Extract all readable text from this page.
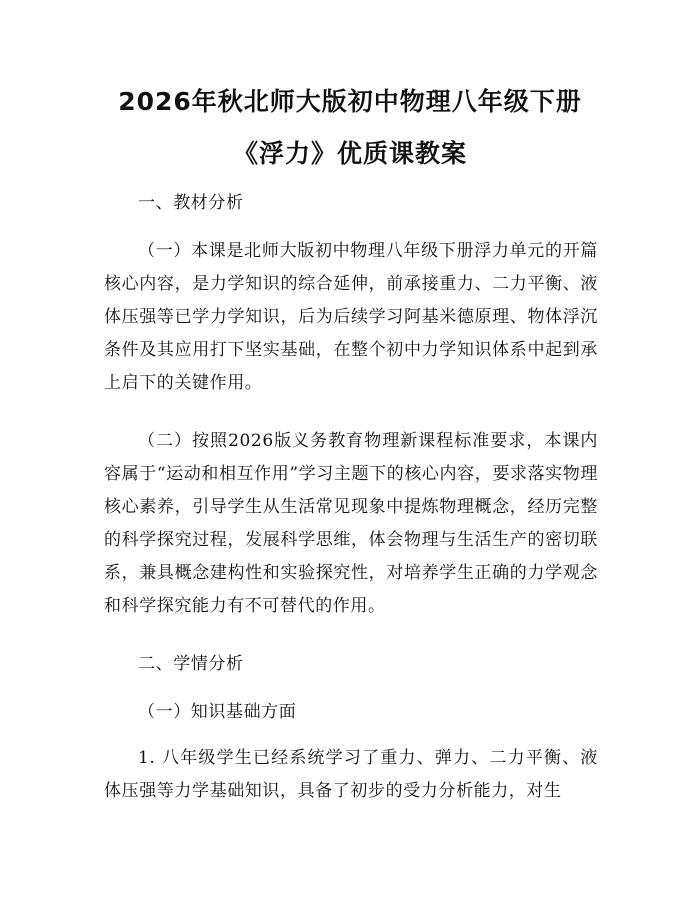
2026年秋北师大版初中物理八年级下册《浮力》优质课教案

一、教材分析

（一）本课是北师大版初中物理八年级下册浮力单元的开篇核心内容，是力学知识的综合延伸，前承接重力、二力平衡、液体压强等已学力学知识，后为后续学习阿基米德原理、物体浮沉条件及其应用打下坚实基础，在整个初中力学知识体系中起到承上启下的关键作用。

（二）按照2026版义务教育物理新课程标准要求，本课内容属于“运动和相互作用”学习主题下的核心内容，要求落实物理核心素养，引导学生从生活常见现象中提炼物理概念，经历完整的科学探究过程，发展科学思维，体会物理与生活生产的密切联系，兼具概念建构性和实验探究性，对培养学生正确的力学观念和科学探究能力有不可替代的作用。

二、学情分析

（一）知识基础方面

1. 八年级学生已经系统学习了重力、弹力、二力平衡、液体压强等力学基础知识，具备了初步的受力分析能力，对生
